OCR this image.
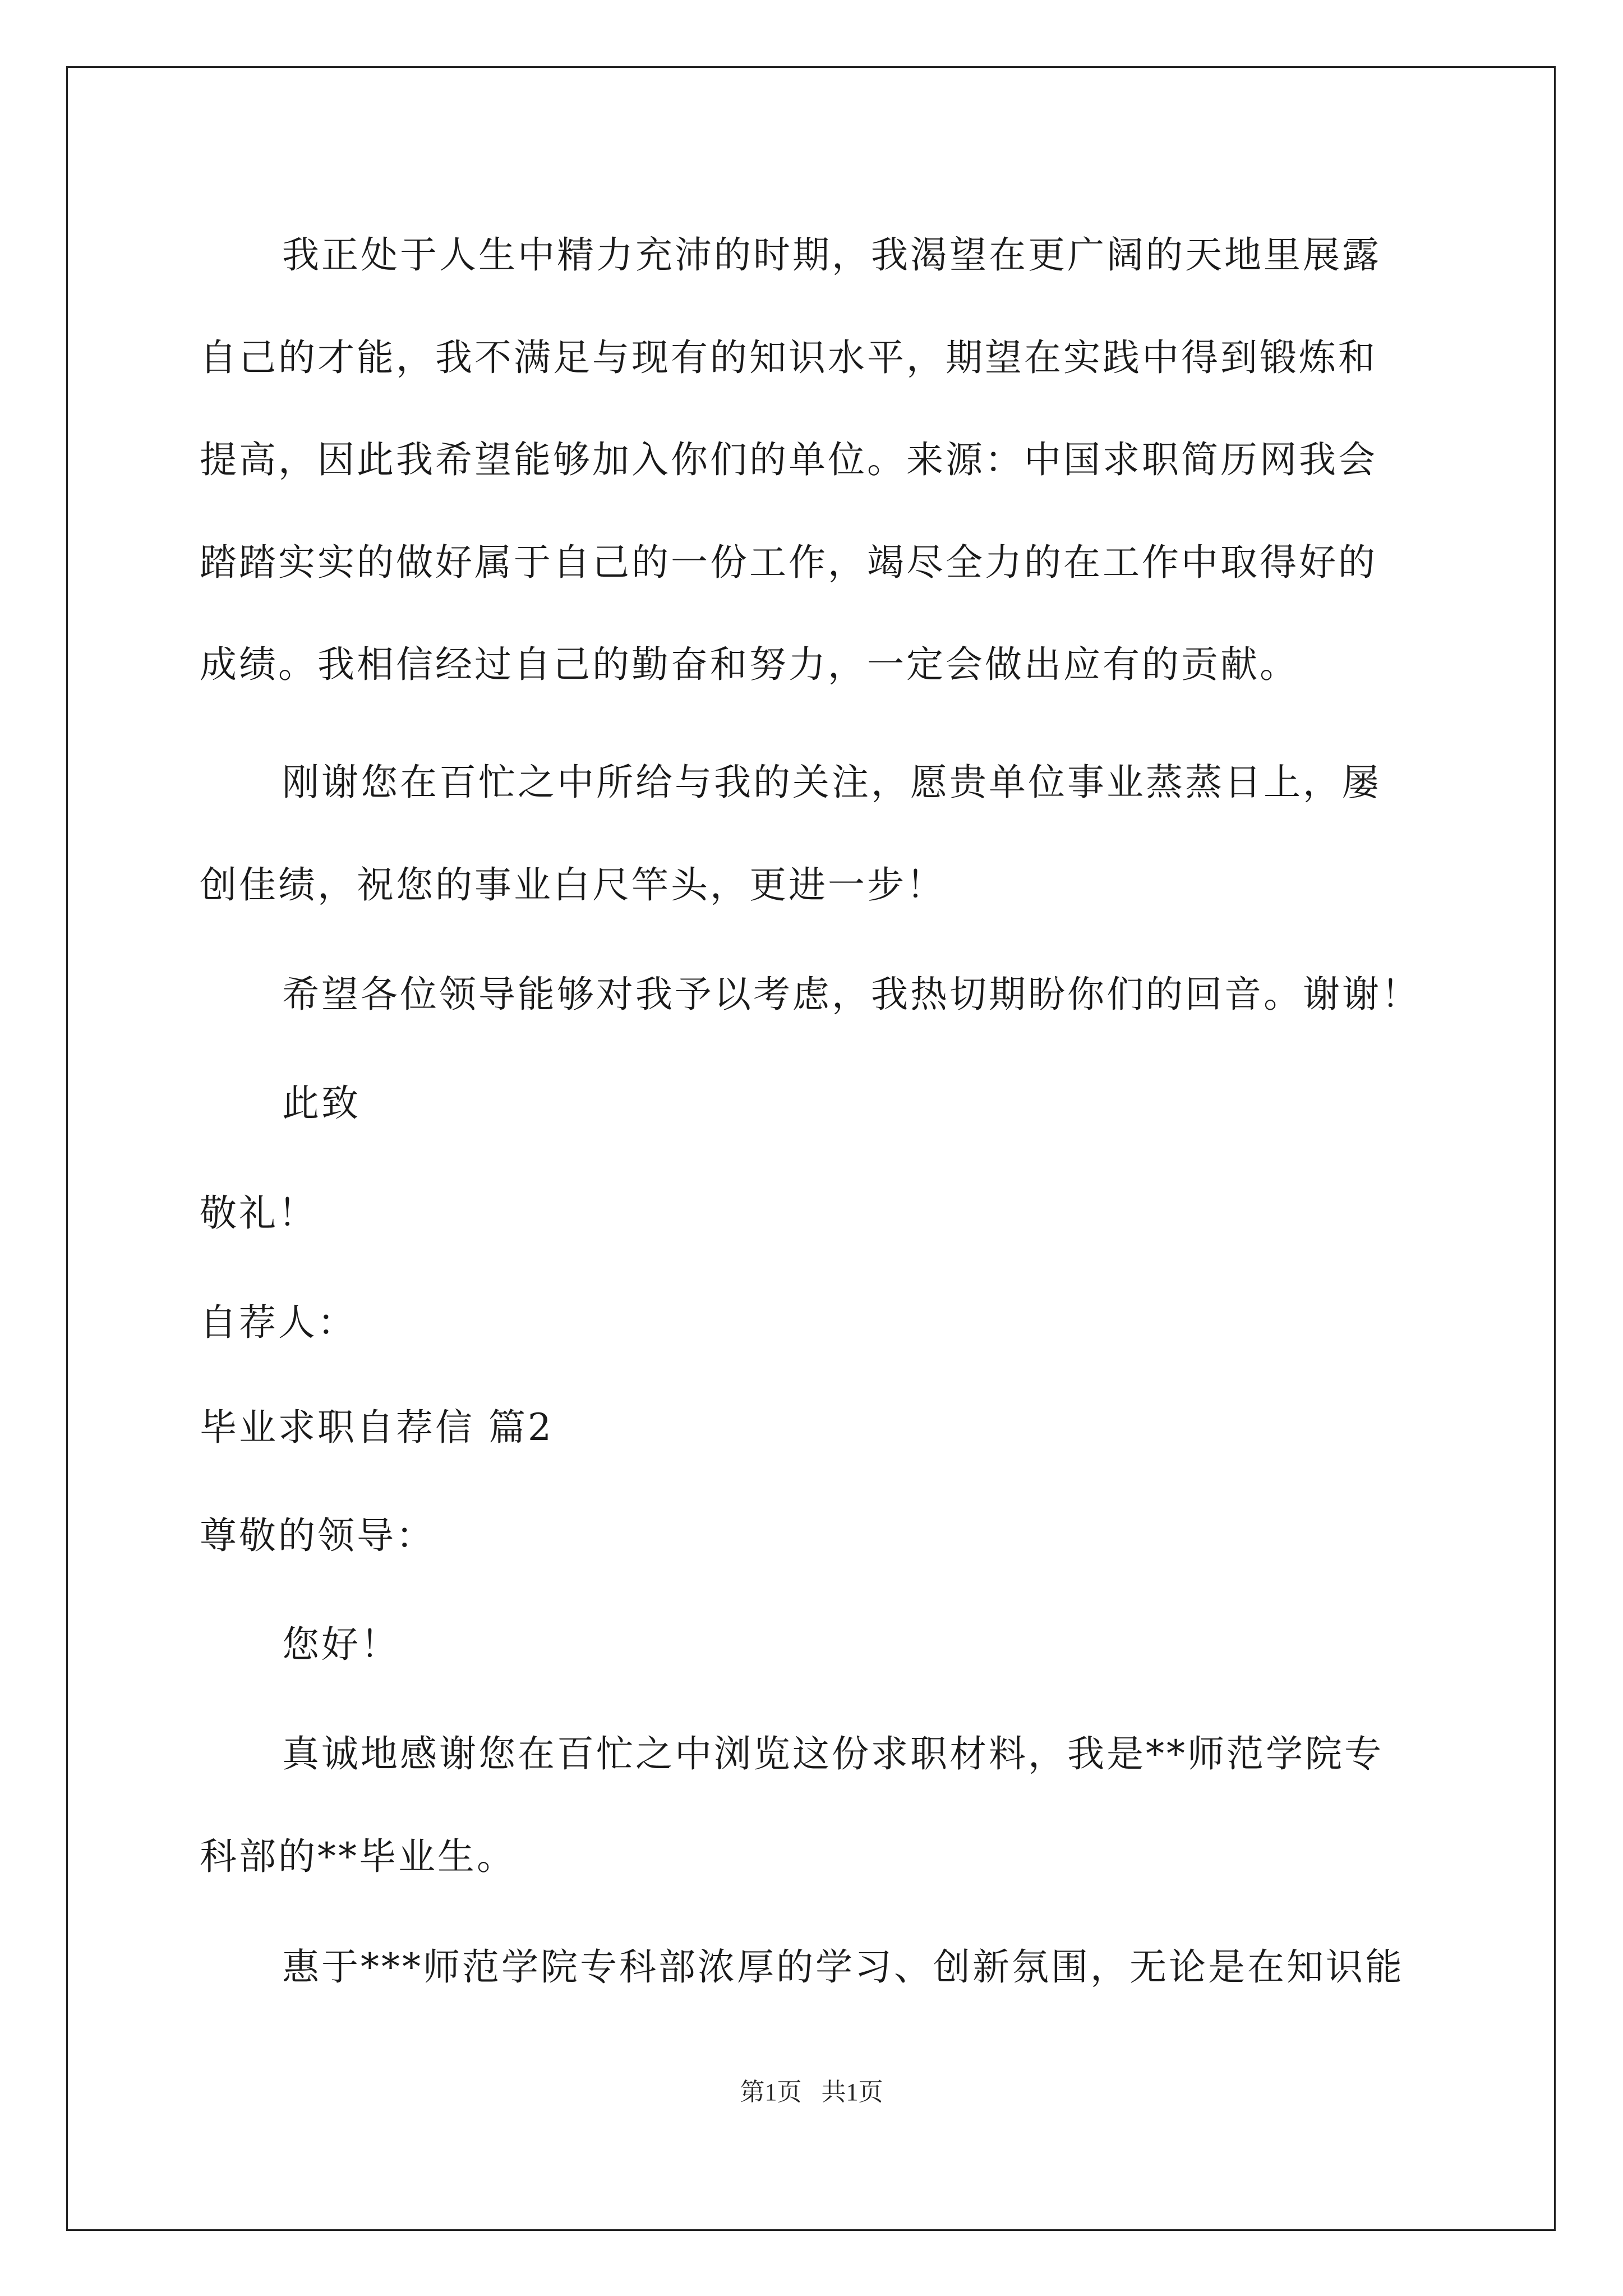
我正处于人生中精力充沛的时期，我渴望在更广阔的天地里展露
自己的才能，我不满足与现有的知识水平，期望在实践中得到锻炼和
提高，因此我希望能够加入你们的单位。来源：中国求职简历网我会
踏踏实实的做好属于自己的一份工作，竭尽全力的在工作中取得好的
成绩。我相信经过自己的勤奋和努力，一定会做出应有的贡献。
刚谢您在百忙之中所给与我的关注，愿贵单位事业蒸蒸日上，屡
创佳绩，祝您的事业白尺竿头，更进一步！
希望各位领导能够对我予以考虑，我热切期盼你们的回音。谢谢！
此致
敬礼！
自荐人：
毕业求职自荐信 篇2
尊敬的领导：
您好！
真诚地感谢您在百忙之中浏览这份求职材料，我是**师范学院专
科部的**毕业生。
惠于***师范学院专科部浓厚的学习、创新氛围，无论是在知识能
第1页 共1页
